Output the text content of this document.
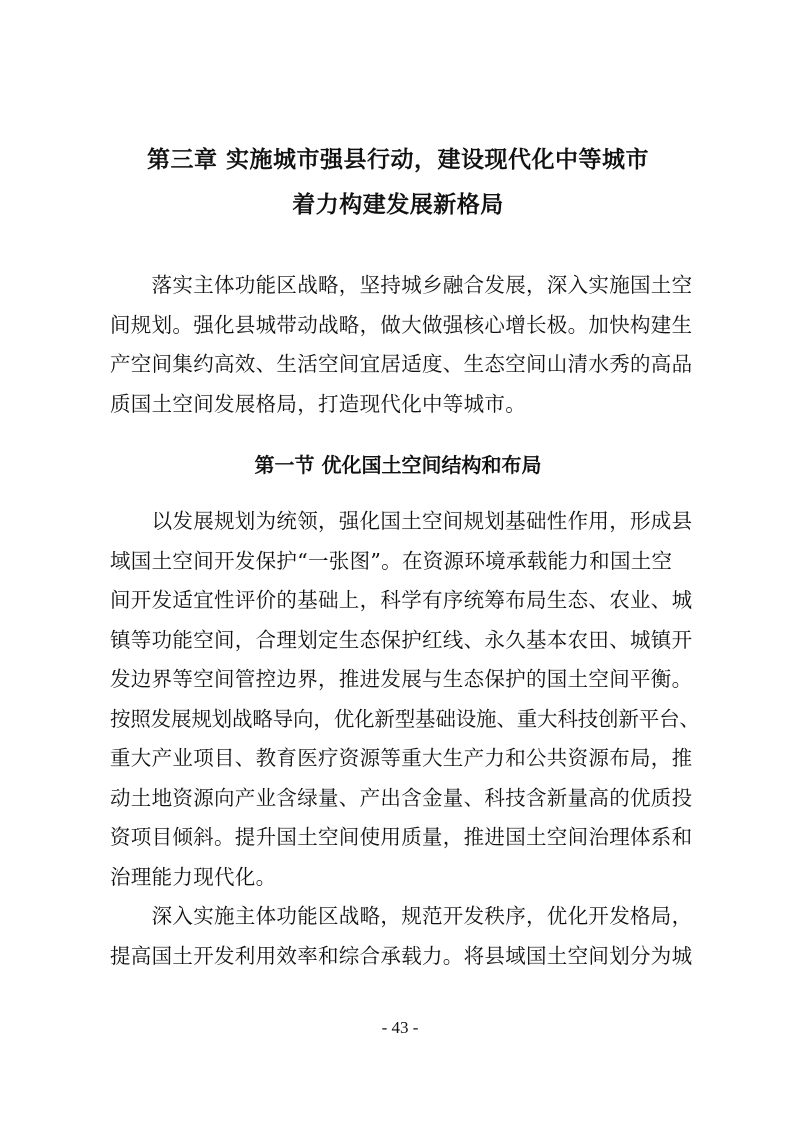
第三章 实施城市强县行动，建设现代化中等城市
着力构建发展新格局
　　落实主体功能区战略，坚持城乡融合发展，深入实施国土空
间规划。强化县城带动战略，做大做强核心增长极。加快构建生
产空间集约高效、生活空间宜居适度、生态空间山清水秀的高品
质国土空间发展格局，打造现代化中等城市。
第一节 优化国土空间结构和布局
　　以发展规划为统领，强化国土空间规划基础性作用，形成县
域国土空间开发保护“一张图”。在资源环境承载能力和国土空
间开发适宜性评价的基础上，科学有序统筹布局生态、农业、城
镇等功能空间，合理划定生态保护红线、永久基本农田、城镇开
发边界等空间管控边界，推进发展与生态保护的国土空间平衡。
按照发展规划战略导向，优化新型基础设施、重大科技创新平台、
重大产业项目、教育医疗资源等重大生产力和公共资源布局，推
动土地资源向产业含绿量、产出含金量、科技含新量高的优质投
资项目倾斜。提升国土空间使用质量，推进国土空间治理体系和
治理能力现代化。
　　深入实施主体功能区战略，规范开发秩序，优化开发格局，
提高国土开发利用效率和综合承载力。将县域国土空间划分为城
- 43 -
